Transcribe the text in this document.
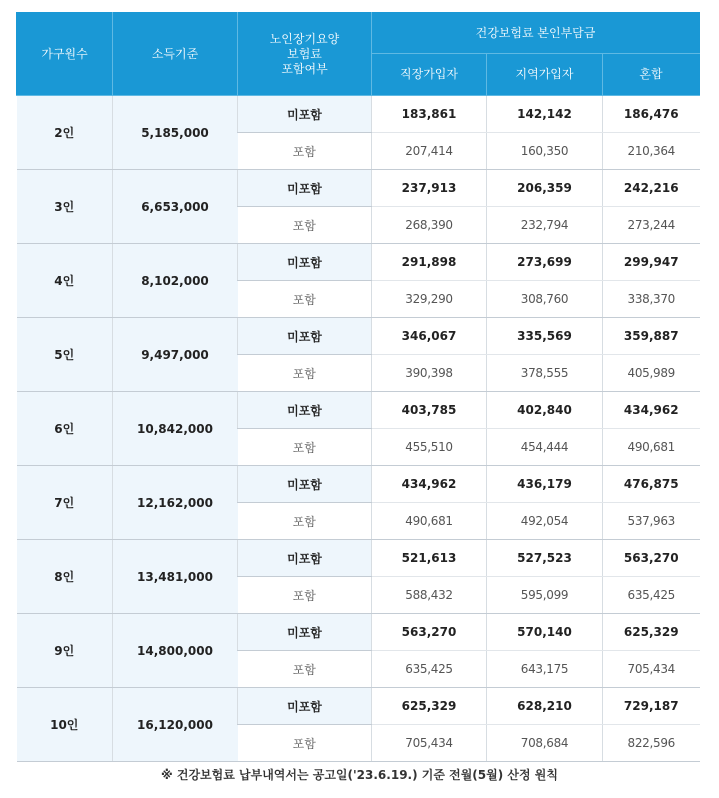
가구원수	소득기준	노인장기요양
보험료
포함여부	건강보험료 본인부담금		
			직장가입자	지역가입자	혼합
2인	5,185,000	미포함	183,861	142,142	186,476
		포함	207,414	160,350	210,364
3인	6,653,000	미포함	237,913	206,359	242,216
		포함	268,390	232,794	273,244
4인	8,102,000	미포함	291,898	273,699	299,947
		포함	329,290	308,760	338,370
5인	9,497,000	미포함	346,067	335,569	359,887
		포함	390,398	378,555	405,989
6인	10,842,000	미포함	403,785	402,840	434,962
		포함	455,510	454,444	490,681
7인	12,162,000	미포함	434,962	436,179	476,875
		포함	490,681	492,054	537,963
8인	13,481,000	미포함	521,613	527,523	563,270
		포함	588,432	595,099	635,425
9인	14,800,000	미포함	563,270	570,140	625,329
		포함	635,425	643,175	705,434
10인	16,120,000	미포함	625,329	628,210	729,187
		포함	705,434	708,684	822,596
※ 건강보험료 납부내역서는 공고일('23.6.19.) 기준 전월(5월) 산정 원칙
